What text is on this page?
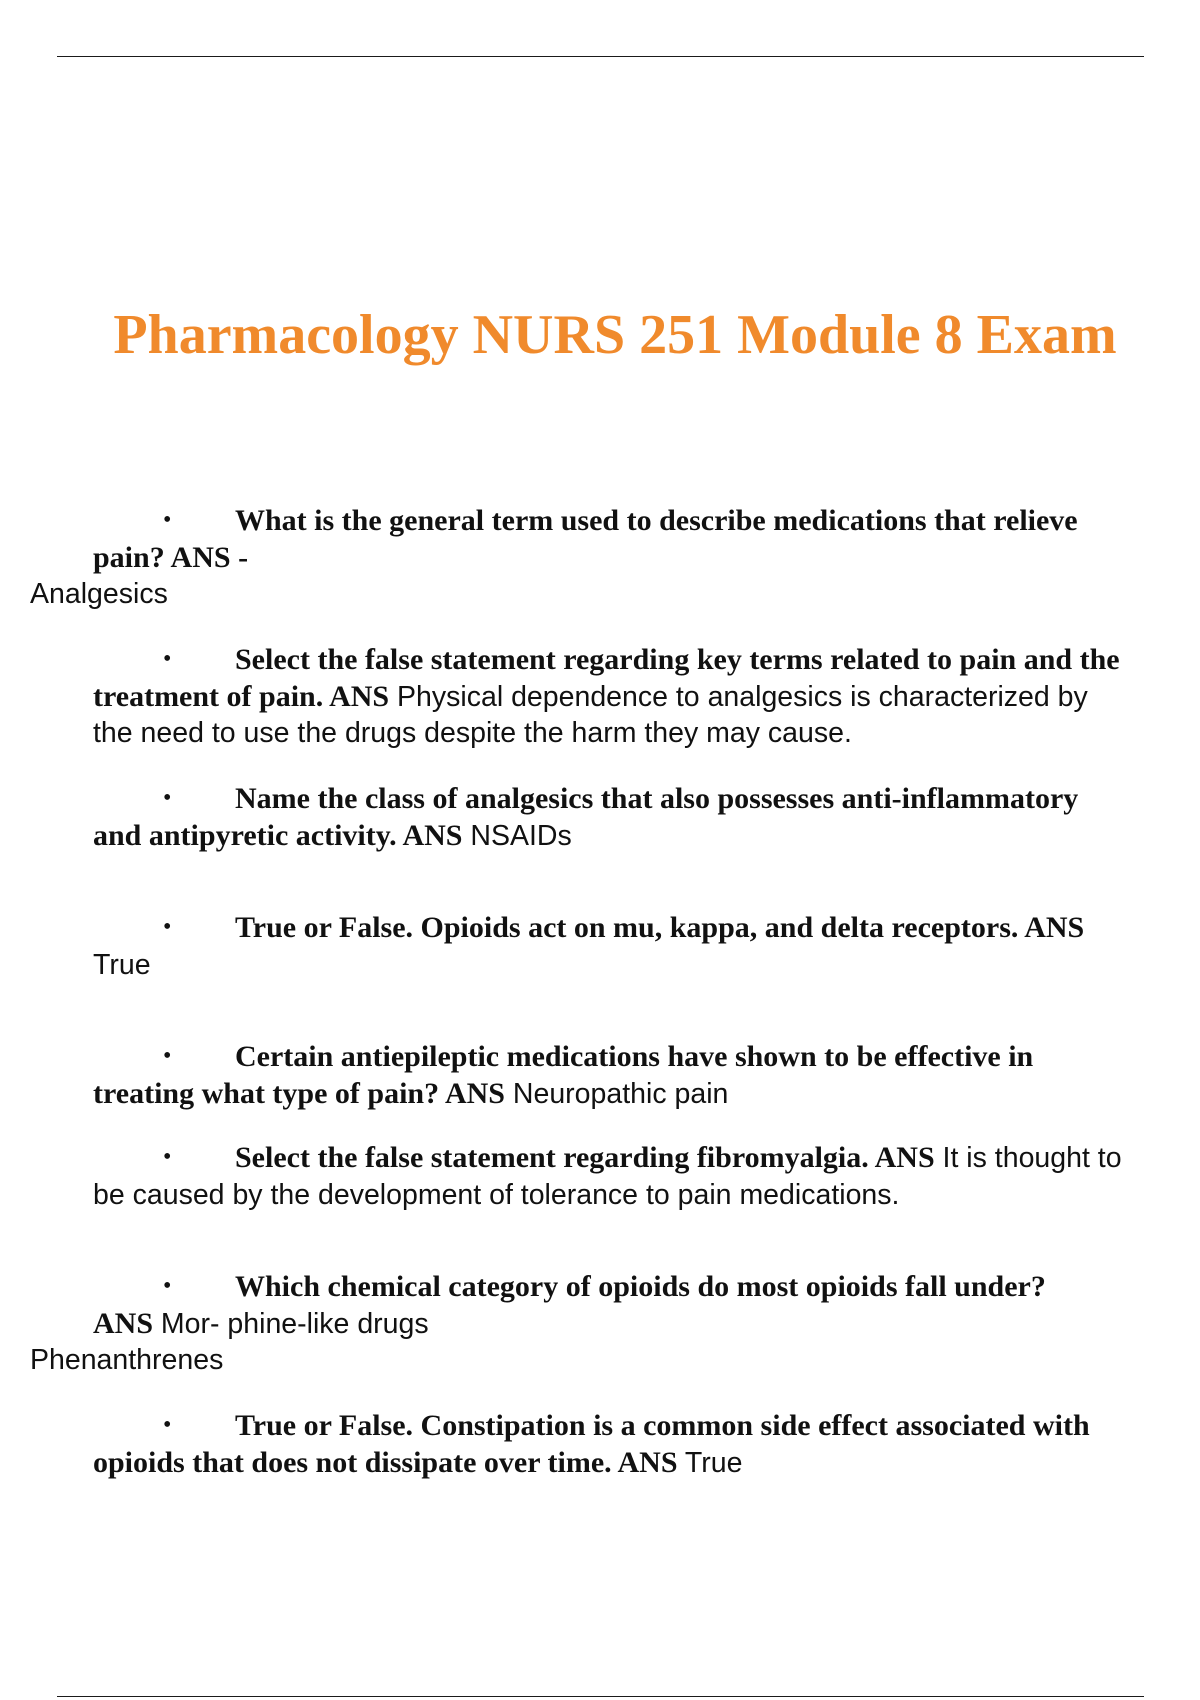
Pharmacology NURS 251 Module 8 Exam
• What is the general term used to describe medications that relieve
pain? ANS -
Analgesics
• Select the false statement regarding key terms related to pain and the
treatment of pain. ANS Physical dependence to analgesics is characterized by
the need to use the drugs despite the harm they may cause.
• Name the class of analgesics that also possesses anti-inflammatory
and antipyretic activity. ANS NSAIDs
• True or False. Opioids act on mu, kappa, and delta receptors. ANS
True
• Certain antiepileptic medications have shown to be effective in
treating what type of pain? ANS Neuropathic pain
• Select the false statement regarding fibromyalgia. ANS It is thought to
be caused by the development of tolerance to pain medications.
• Which chemical category of opioids do most opioids fall under?
ANS Mor- phine-like drugs
Phenanthrenes
• True or False. Constipation is a common side effect associated with
opioids that does not dissipate over time. ANS True
